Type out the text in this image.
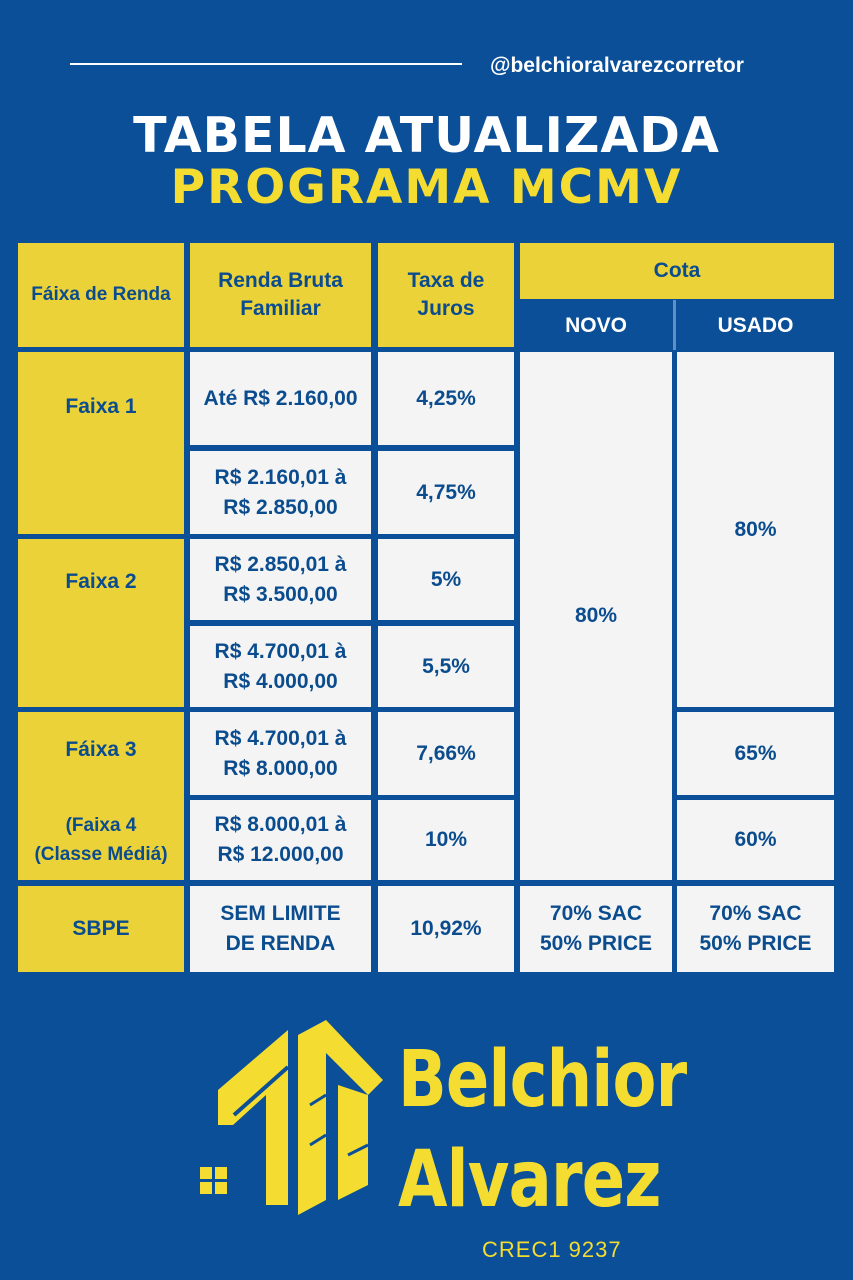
@belchioralvarezcorretor
TABELA ATUALIZADA
PROGRAMA MCMV
Fáixa de Renda
Renda Bruta
Familiar
Taxa de
Juros
Cota
NOVO	USADO
Faixa 1
Faixa 2
Fáixa 3
(Faixa 4
(Classe Médiá)
SBPE
Até R$ 2.160,00
R$ 2.160,01 à
R$ 2.850,00
R$ 2.850,01 à
R$ 3.500,00
R$ 4.700,01 à
R$ 4.000,00
R$ 4.700,01 à
R$ 8.000,00
R$ 8.000,01 à
R$ 12.000,00
SEM LIMITE
DE RENDA
4,25%
4,75%
5%
5,5%
7,66%
10%
10,92%
80%
70% SAC
50% PRICE
80%
65%
60%
70% SAC
50% PRICE
Belchior
Alvarez
CREC1 9237
